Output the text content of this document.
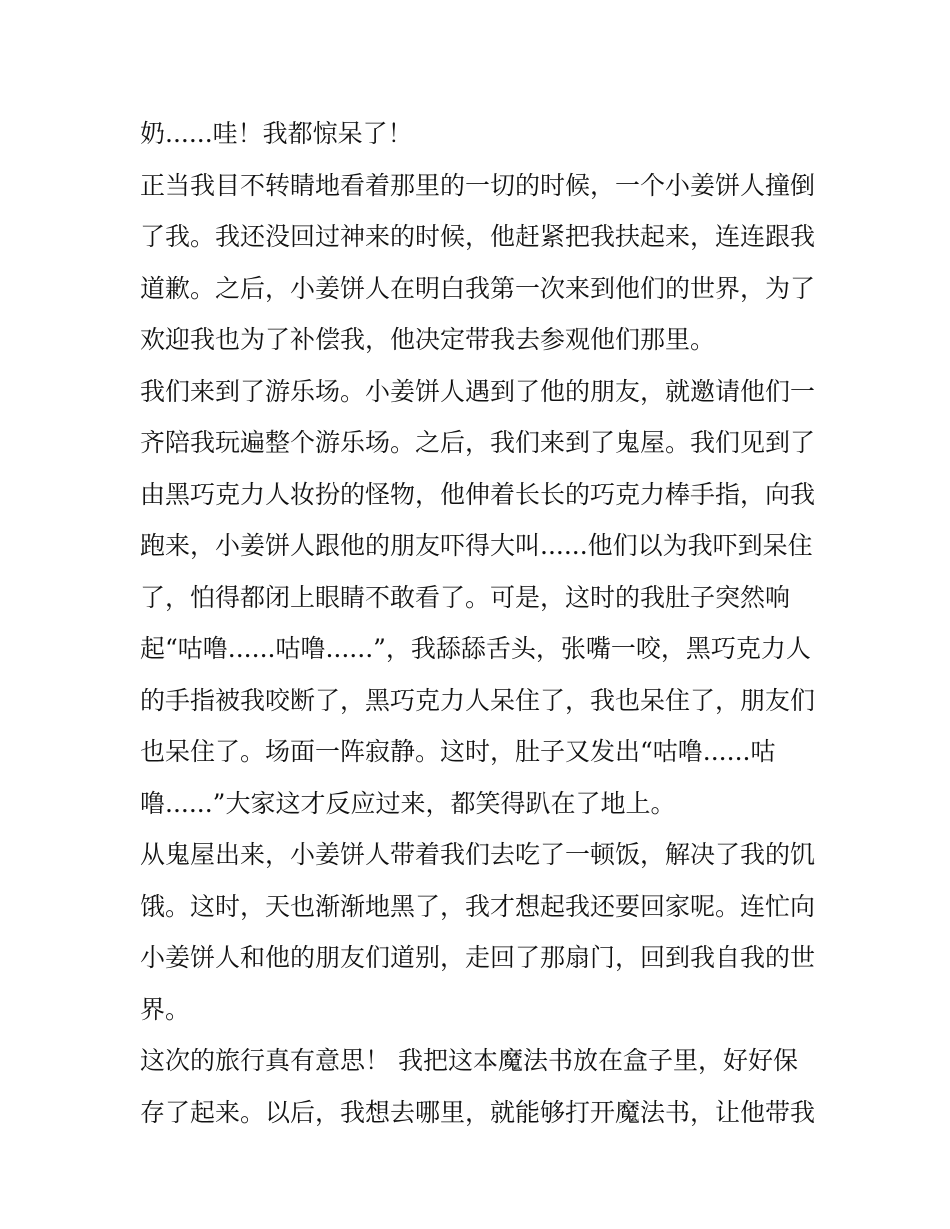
奶......哇！我都惊呆了！
正当我目不转睛地看着那里的一切的时候，一个小姜饼人撞倒
了我。我还没回过神来的时候，他赶紧把我扶起来，连连跟我
道歉。之后，小姜饼人在明白我第一次来到他们的世界，为了
欢迎我也为了补偿我，他决定带我去参观他们那里。
我们来到了游乐场。小姜饼人遇到了他的朋友，就邀请他们一
齐陪我玩遍整个游乐场。之后，我们来到了鬼屋。我们见到了
由黑巧克力人妆扮的怪物，他伸着长长的巧克力棒手指，向我
跑来，小姜饼人跟他的朋友吓得大叫......他们以为我吓到呆住
了，怕得都闭上眼睛不敢看了。可是，这时的我肚子突然响
起“咕噜......咕噜......”，我舔舔舌头，张嘴一咬，黑巧克力人
的手指被我咬断了，黑巧克力人呆住了，我也呆住了，朋友们
也呆住了。场面一阵寂静。这时，肚子又发出“咕噜......咕
噜......”大家这才反应过来，都笑得趴在了地上。
从鬼屋出来，小姜饼人带着我们去吃了一顿饭，解决了我的饥
饿。这时，天也渐渐地黑了，我才想起我还要回家呢。连忙向
小姜饼人和他的朋友们道别，走回了那扇门，回到我自我的世
界。
这次的旅行真有意思！ 我把这本魔法书放在盒子里，好好保
存了起来。以后，我想去哪里，就能够打开魔法书，让他带我
